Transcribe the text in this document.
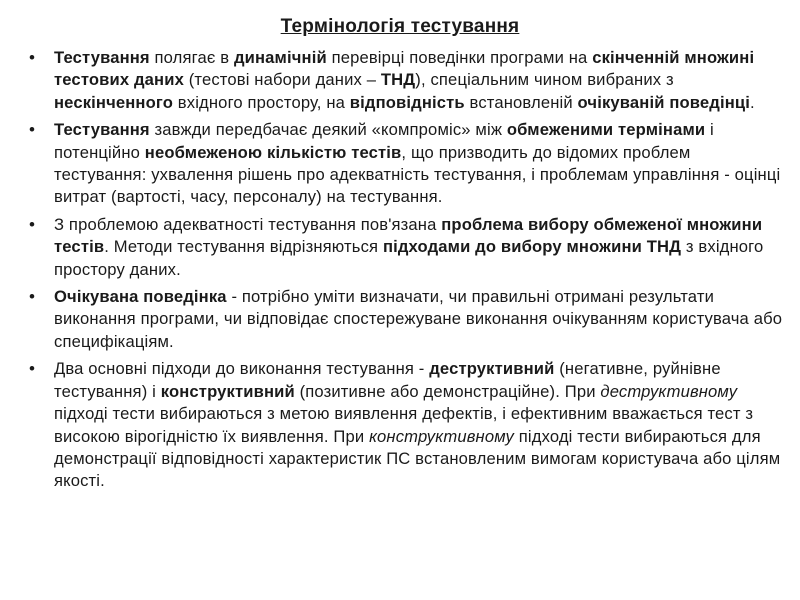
Термінологія тестування
• Тестування полягає в динамічній перевірці поведінки програми на скінченній множині тестових даних (тестові набори даних – ТНД), спеціальним чином вибраних з нескінченного вхідного простору, на відповідність встановленій очікуваній поведінці.
• Тестування завжди передбачає деякий «компроміс» між обмеженими термінами і потенційно необмеженою кількістю тестів, що призводить до відомих проблем тестування: ухвалення рішень про адекватність тестування, і проблемам управління - оцінці витрат (вартості, часу, персоналу) на тестування.
• З проблемою адекватності тестування пов'язана проблема вибору обмеженої множини тестів. Методи тестування відрізняються підходами до вибору множини ТНД з вхідного простору даних.
• Очікувана поведінка - потрібно уміти визначати, чи правильні отримані результати виконання програми, чи відповідає спостережуване виконання очікуванням користувача або специфікаціям.
• Два основні підходи до виконання тестування - деструктивний (негативне, руйнівне тестування) і конструктивний (позитивне або демонстраційне). При деструктивному підході тести вибираються з метою виявлення дефектів, і ефективним вважається тест з високою вірогідністю їх виявлення. При конструктивному підході тести вибираються для демонстрації відповідності характеристик ПС встановленим вимогам користувача або цілям якості.
